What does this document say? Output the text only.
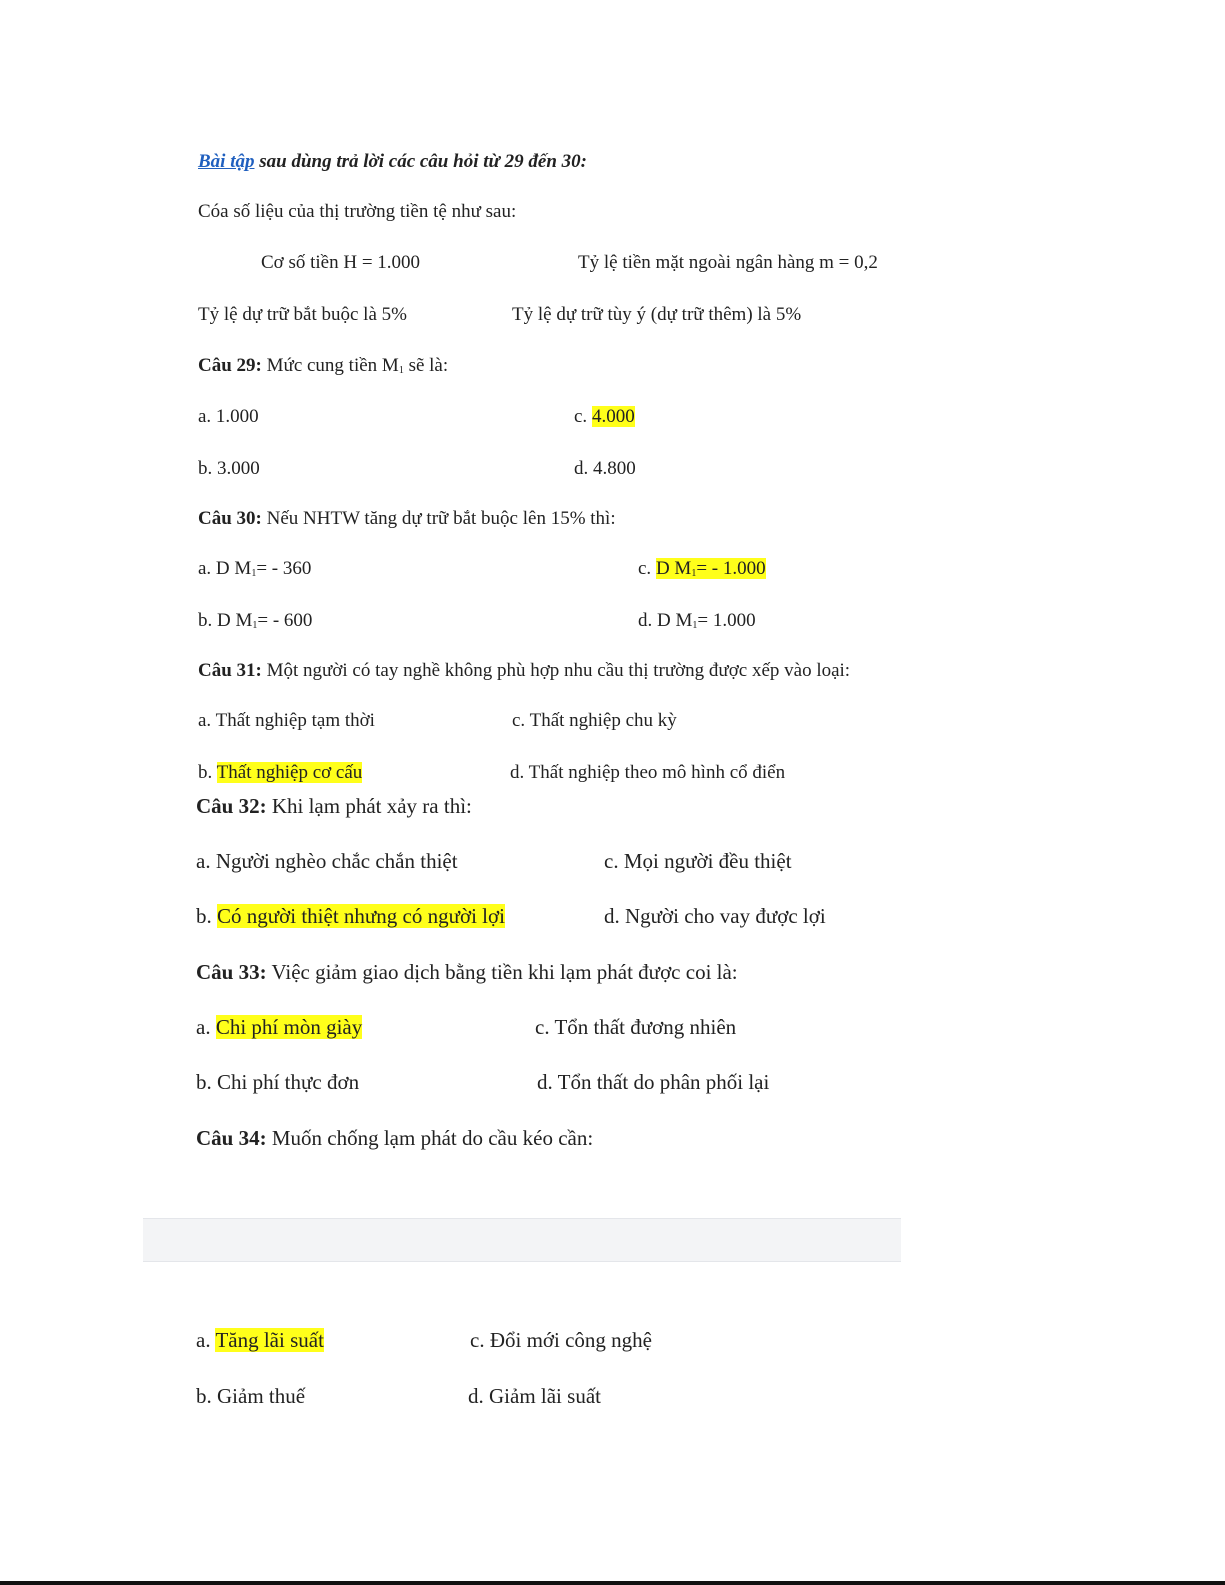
Bài tập sau dùng trả lời các câu hỏi từ 29 đến 30:
Cóa số liệu của thị trường tiền tệ như sau:
Cơ số tiền H = 1.000	Tỷ lệ tiền mặt ngoài ngân hàng m = 0,2
Tỷ lệ dự trữ bắt buộc là 5%	Tỷ lệ dự trữ tùy ý (dự trữ thêm) là 5%
Câu 29: Mức cung tiền $M_1$ sẽ là:
a. 1.000	c. 4.000
b. 3.000	d. 4.800
Câu 30: Nếu NHTW tăng dự trữ bắt buộc lên 15% thì:
a. D $M_1= - 360$	c. D $M_1= - 1.000$
b. D $M_1= - 600$	d. D $M_1= 1.000$
Câu 31: Một người có tay nghề không phù hợp nhu cầu thị trường được xếp vào loại:
a. Thất nghiệp tạm thời	c. Thất nghiệp chu kỳ
b. Thất nghiệp cơ cấu	d. Thất nghiệp theo mô hình cổ điển
Câu 32: Khi lạm phát xảy ra thì:
a. Người nghèo chắc chắn thiệt	c. Mọi người đều thiệt
b. Có người thiệt nhưng có người lợi	d. Người cho vay được lợi
Câu 33: Việc giảm giao dịch bằng tiền khi lạm phát được coi là:
a. Chi phí mòn giày	c. Tổn thất đương nhiên
b. Chi phí thực đơn	d. Tổn thất do phân phối lại
Câu 34: Muốn chống lạm phát do cầu kéo cần:
a. Tăng lãi suất	c. Đổi mới công nghệ
b. Giảm thuế	d. Giảm lãi suất
